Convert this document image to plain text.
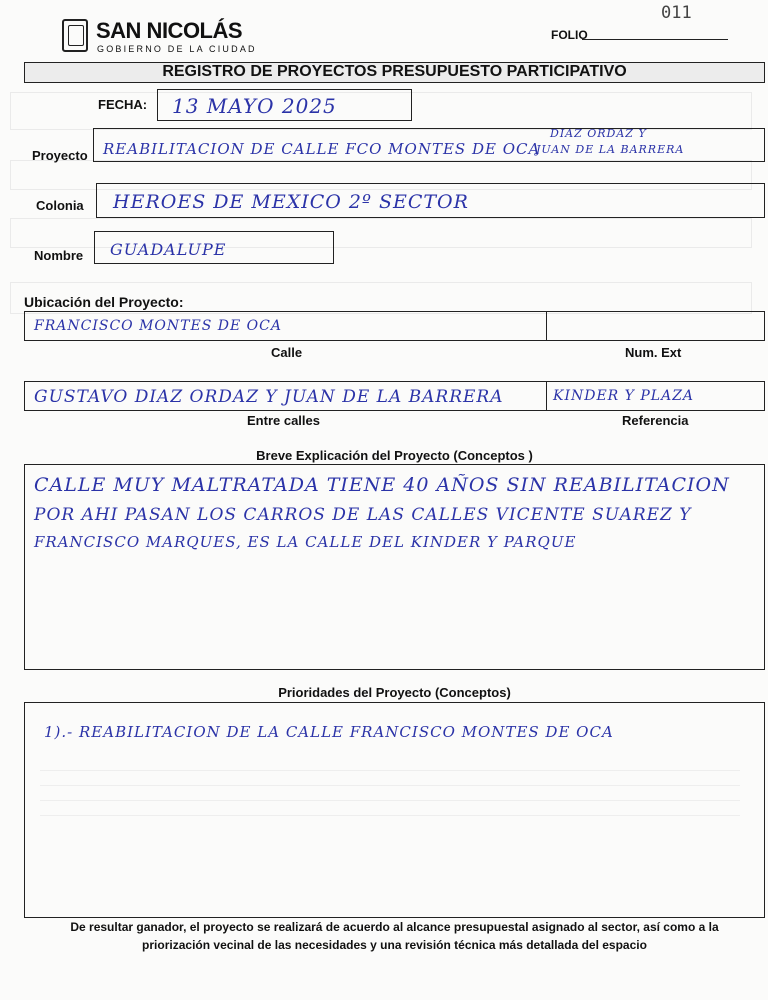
SAN NICOLÁS
GOBIERNO DE LA CIUDAD
FOLIO
011
REGISTRO DE PROYECTOS PRESUPUESTO PARTICIPATIVO
FECHA: 13 MAYO 2025
Proyecto REABILITACION DE CALLE FCO MONTES DE OCA
DIAZ ORDAZ Y
JUAN DE LA BARRERA
Colonia HEROES DE MEXICO 2º SECTOR
Nombre GUADALUPE
Ubicación del Proyecto:
FRANCISCO MONTES DE OCA
Calle	Num. Ext
GUSTAVO DIAZ ORDAZ Y JUAN DE LA BARRERA	KINDER Y PLAZA
Entre calles	Referencia
Breve Explicación del Proyecto (Conceptos )
CALLE MUY MALTRATADA TIENE 40 AÑOS SIN REABILITACION
POR AHI PASAN LOS CARROS DE LAS CALLES VICENTE SUAREZ Y
FRANCISCO MARQUES, ES LA CALLE DEL KINDER Y PARQUE
Prioridades del Proyecto (Conceptos)
1).- REABILITACION DE LA CALLE FRANCISCO MONTES DE OCA
De resultar ganador, el proyecto se realizará de acuerdo al alcance presupuestal asignado al sector, así como a la
priorización vecinal de las necesidades y una revisión técnica más detallada del espacio
